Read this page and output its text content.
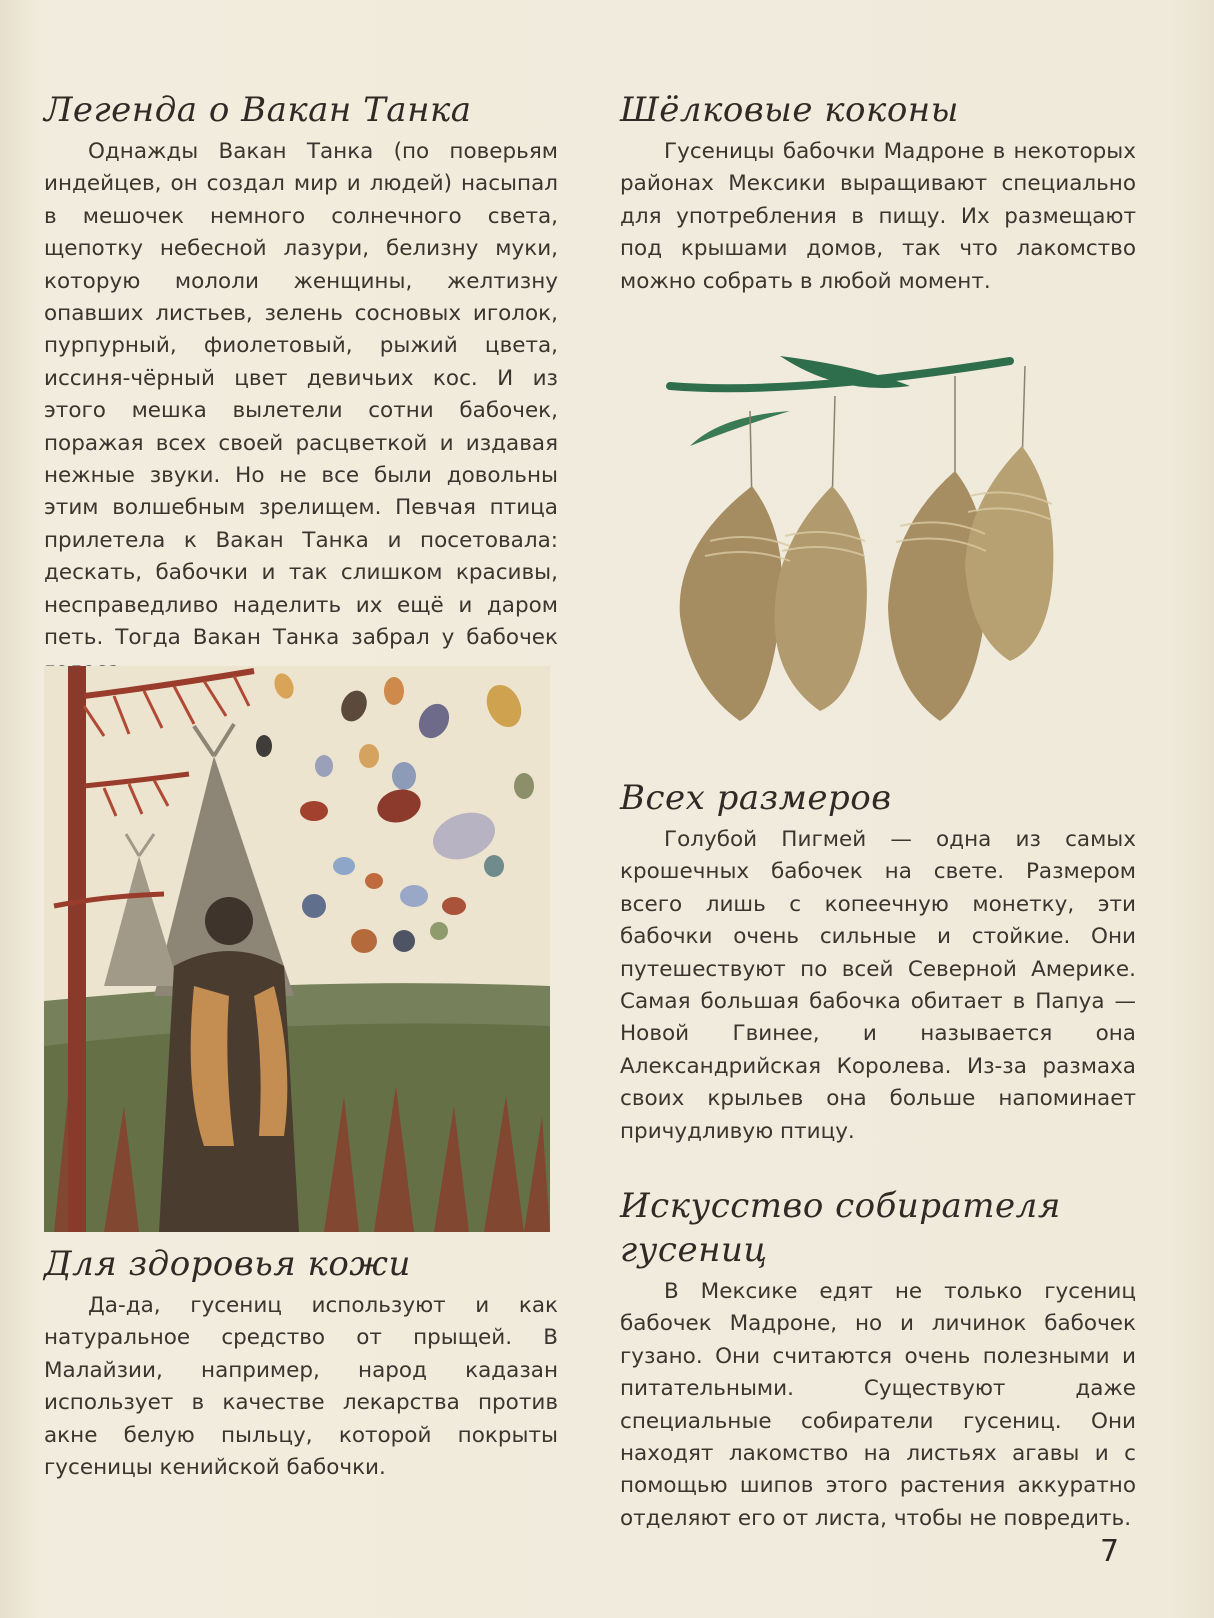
Легенда о Вакан Танка

Однажды Вакан Танка (по поверьям индейцев, он создал мир и людей) насыпал в мешочек немного солнечного света, щепотку небесной лазури, белизну муки, которую мололи женщины, желтизну опавших листьев, зелень сосновых иголок, пурпурный, фиолетовый, рыжий цвета, иссиня-чёрный цвет девичьих кос. И из этого мешка вылетели сотни бабочек, поражая всех своей расцветкой и издавая нежные звуки. Но не все были довольны этим волшебным зрелищем. Певчая птица прилетела к Вакан Танка и посетовала: дескать, бабочки и так слишком красивы, несправедливо наделить их ещё и даром петь. Тогда Вакан Танка забрал у бабочек

Для здоровья кожи

Да-да, гусениц используют и как натуральное средство от прыщей. В Малайзии, например, народ кадазан использует в качестве лекарства против акне белую пыльцу, которой покрыты гусеницы кенийской бабочки.

Шёлковые коконы

Гусеницы бабочки Мадроне в некоторых районах Мексики выращивают специально для употребления в пищу. Их размещают под крышами домов, так что лакомство можно собрать в любой момент.

Всех размеров

Голубой Пигмей — одна из самых крошечных бабочек на свете. Размером всего лишь с копеечную монетку, эти бабочки очень сильные и стойкие. Они путешествуют по всей Северной Америке. Самая большая бабочка обитает в Папуа — Новой Гвинее, и называется она Александрийская Королева. Из-за размаха своих крыльев она больше напоминает причудливую птицу.

Искусство собирателя гусениц

В Мексике едят не только гусениц бабочек Мадроне, но и личинок бабочек гузано. Они считаются очень полезными и питательными. Существуют даже специальные собиратели гусениц. Они находят лакомство на листьях агавы и с помощью шипов этого растения аккуратно отделяют его от листа, чтобы не повредить.

7
